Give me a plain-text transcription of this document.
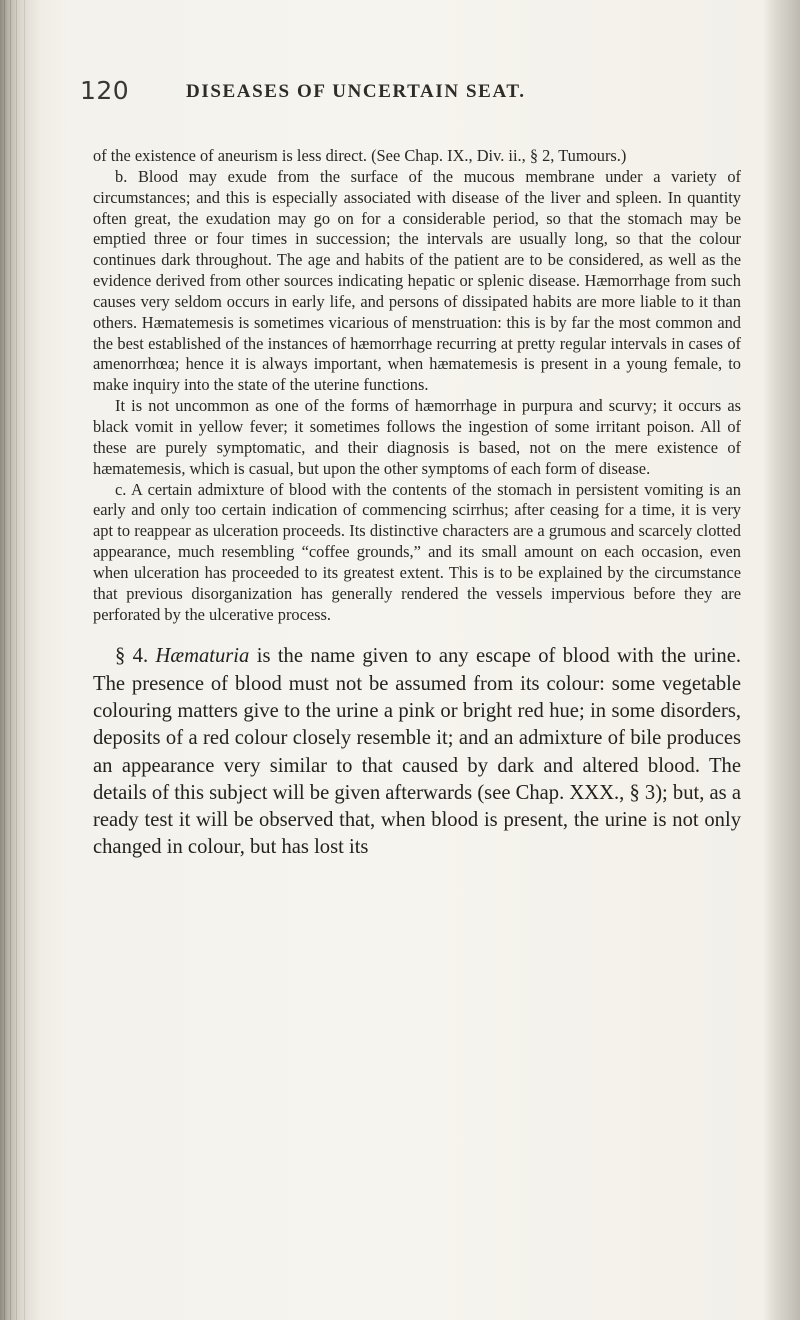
120	DISEASES OF UNCERTAIN SEAT.

of the existence of aneurism is less direct. (See Chap. IX., Div. ii., § 2, Tumours.)

b. Blood may exude from the surface of the mucous membrane under a variety of circumstances; and this is especially associated with disease of the liver and spleen. In quantity often great, the exudation may go on for a considerable period, so that the stomach may be emptied three or four times in succession; the intervals are usually long, so that the colour continues dark throughout. The age and habits of the patient are to be considered, as well as the evidence derived from other sources indicating hepatic or splenic disease. Hæmorrhage from such causes very seldom occurs in early life, and persons of dissipated habits are more liable to it than others. Hæmatemesis is sometimes vicarious of menstruation: this is by far the most common and the best established of the instances of hæmorrhage recurring at pretty regular intervals in cases of amenorrhœa; hence it is always important, when hæmatemesis is present in a young female, to make inquiry into the state of the uterine functions.

It is not uncommon as one of the forms of hæmorrhage in purpura and scurvy; it occurs as black vomit in yellow fever; it sometimes follows the ingestion of some irritant poison. All of these are purely symptomatic, and their diagnosis is based, not on the mere existence of hæmatemesis, which is casual, but upon the other symptoms of each form of disease.

c. A certain admixture of blood with the contents of the stomach in persistent vomiting is an early and only too certain indication of commencing scirrhus; after ceasing for a time, it is very apt to reappear as ulceration proceeds. Its distinctive characters are a grumous and scarcely clotted appearance, much resembling “coffee grounds,” and its small amount on each occasion, even when ulceration has proceeded to its greatest extent. This is to be explained by the circumstance that previous disorganization has generally rendered the vessels impervious before they are perforated by the ulcerative process.

§ 4. Hæmaturia is the name given to any escape of blood with the urine. The presence of blood must not be assumed from its colour: some vegetable colouring matters give to the urine a pink or bright red hue; in some disorders, deposits of a red colour closely resemble it; and an admixture of bile produces an appearance very similar to that caused by dark and altered blood. The details of this subject will be given afterwards (see Chap. XXX., § 3); but, as a ready test it will be observed that, when blood is present, the urine is not only changed in colour, but has lost its
